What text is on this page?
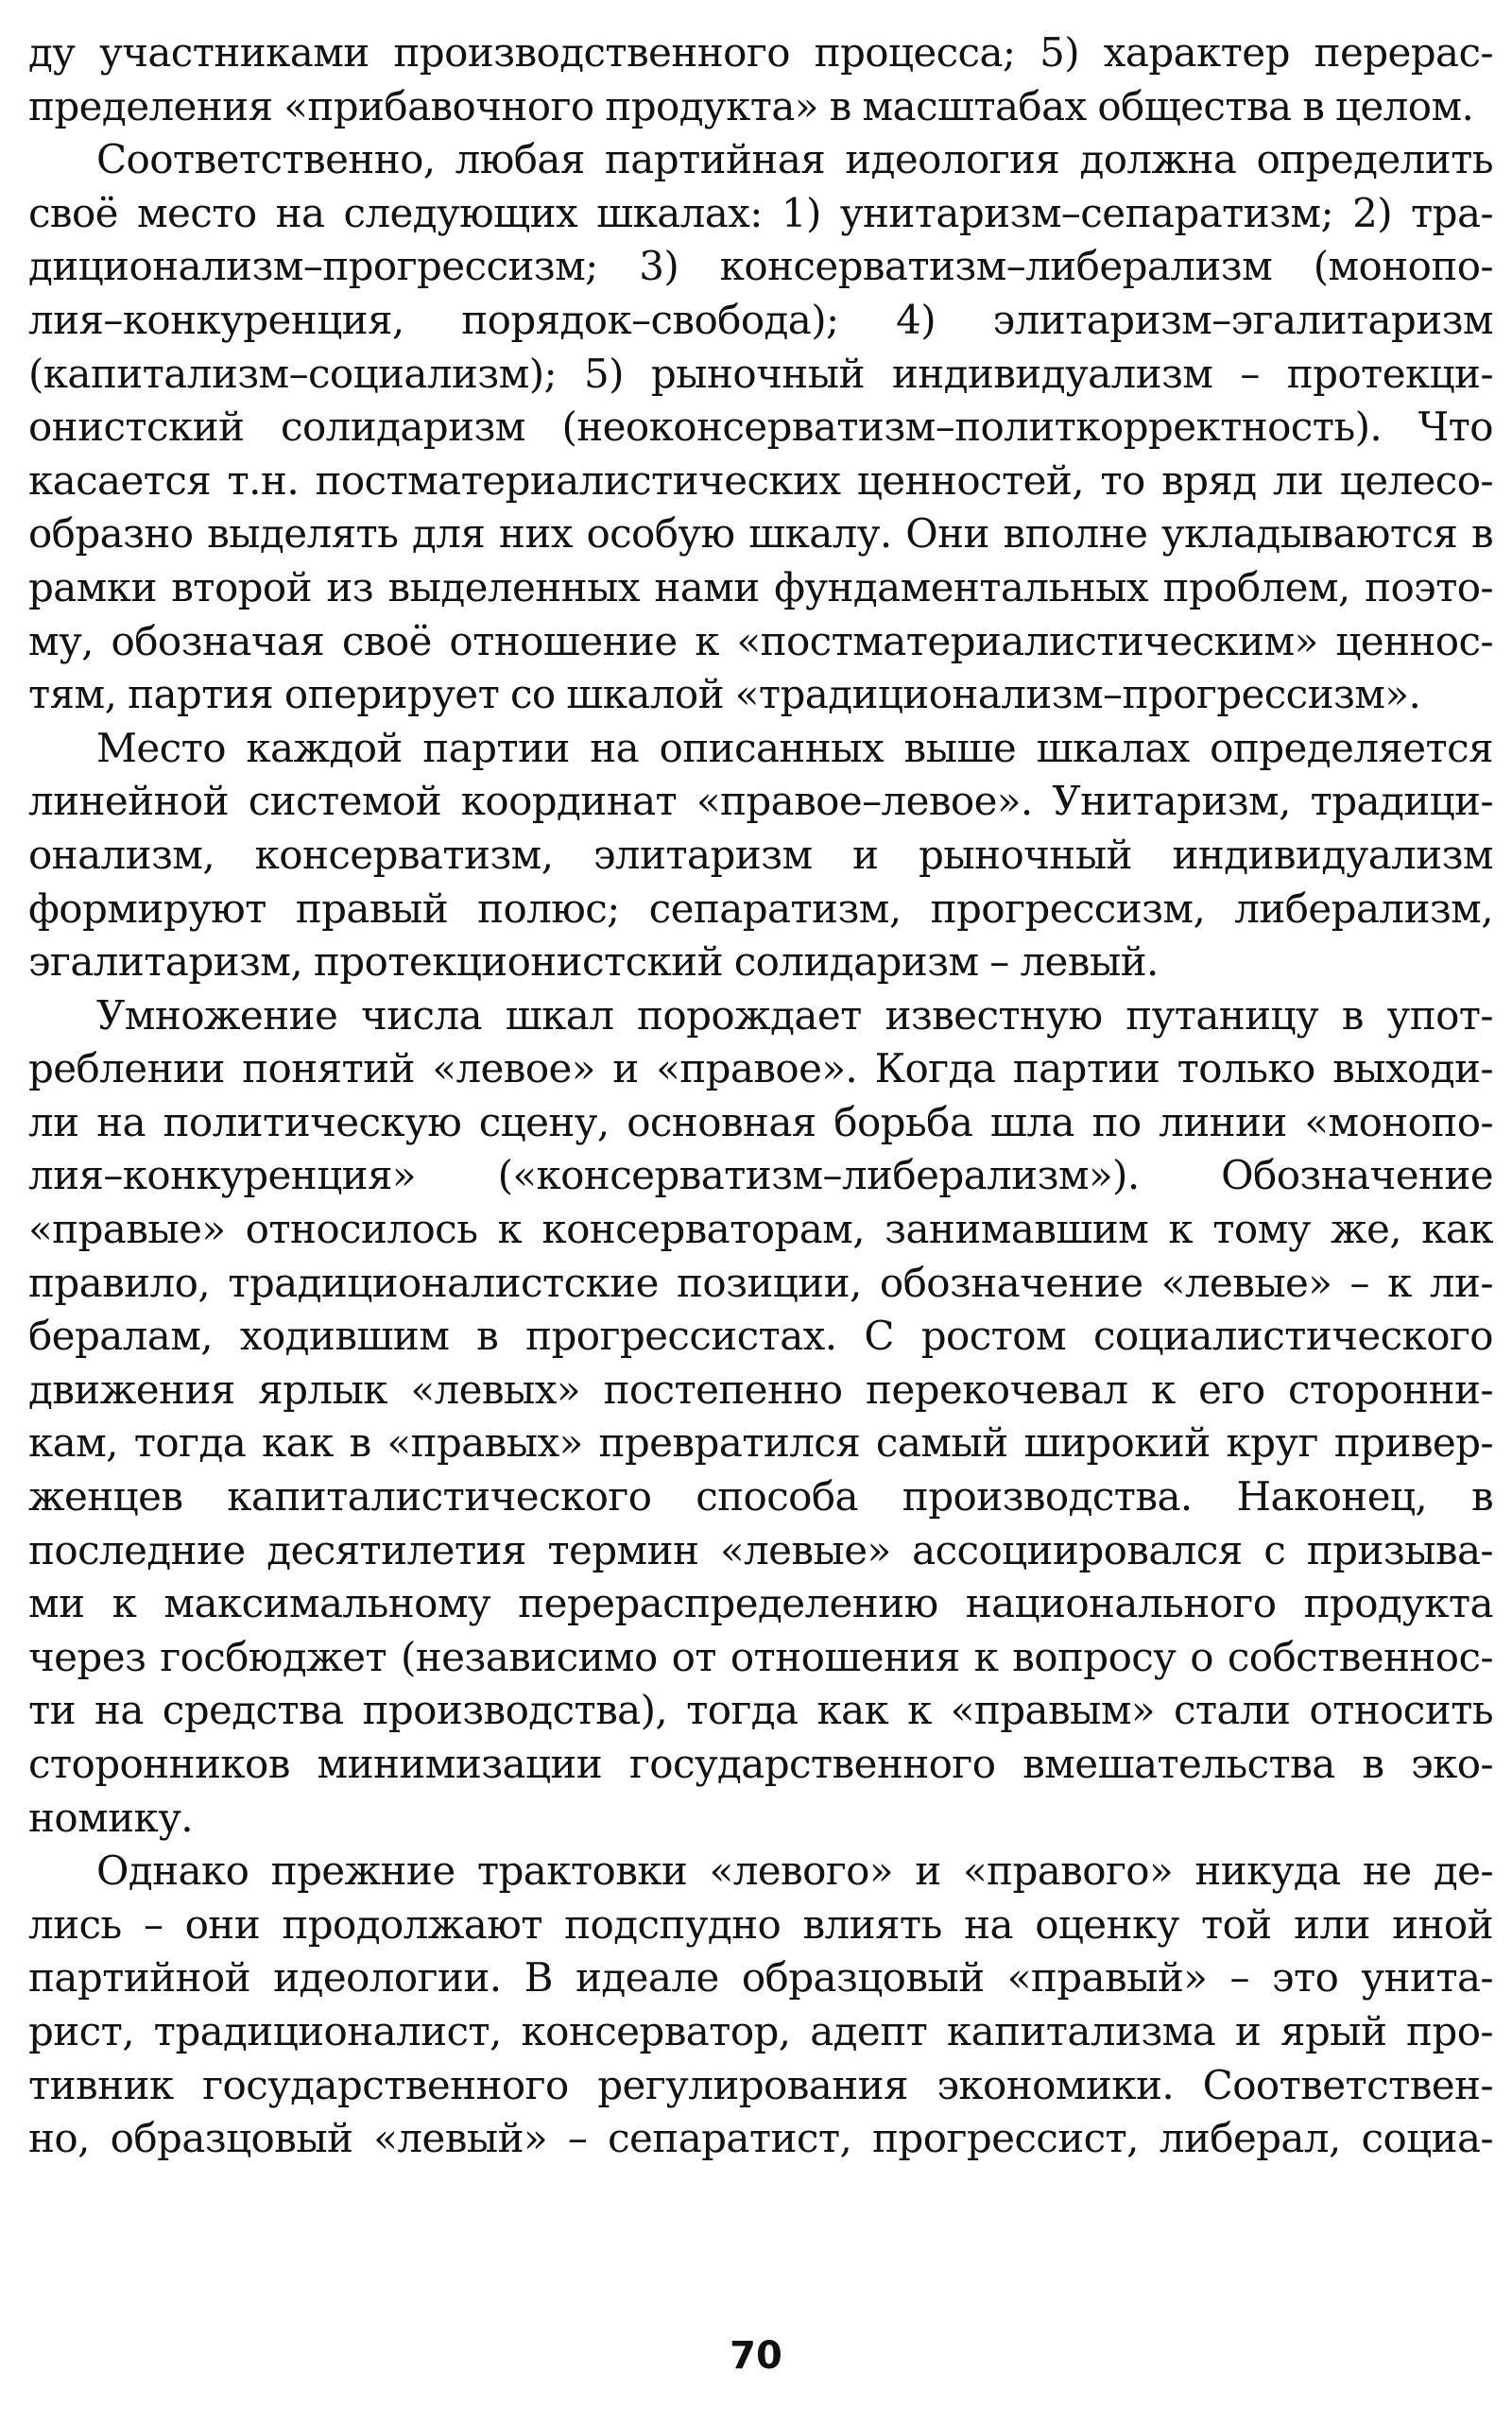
ду участниками производственного процесса; 5) характер перерас-
пределения «прибавочного продукта» в масштабах общества в целом.
Соответственно, любая партийная идеология должна определить
своё место на следующих шкалах: 1) унитаризм–сепаратизм; 2) тра-
диционализм–прогрессизм; 3) консерватизм–либерализм (монопо-
лия–конкуренция, порядок–свобода); 4) элитаризм–эгалитаризм
(капитализм–социализм); 5) рыночный индивидуализм – протекци-
онистский солидаризм (неоконсерватизм–политкорректность). Что
касается т.н. постматериалистических ценностей, то вряд ли целесо-
образно выделять для них особую шкалу. Они вполне укладываются в
рамки второй из выделенных нами фундаментальных проблем, поэто-
му, обозначая своё отношение к «постматериалистическим» ценнос-
тям, партия оперирует со шкалой «традиционализм–прогрессизм».
Место каждой партии на описанных выше шкалах определяется
линейной системой координат «правое–левое». Унитаризм, традици-
онализм, консерватизм, элитаризм и рыночный индивидуализм
формируют правый полюс; сепаратизм, прогрессизм, либерализм,
эгалитаризм, протекционистский солидаризм – левый.
Умножение числа шкал порождает известную путаницу в упот-
реблении понятий «левое» и «правое». Когда партии только выходи-
ли на политическую сцену, основная борьба шла по линии «монопо-
лия–конкуренция» («консерватизм–либерализм»). Обозначение
«правые» относилось к консерваторам, занимавшим к тому же, как
правило, традиционалистские позиции, обозначение «левые» – к ли-
бералам, ходившим в прогрессистах. С ростом социалистического
движения ярлык «левых» постепенно перекочевал к его сторонни-
кам, тогда как в «правых» превратился самый широкий круг привер-
женцев капиталистического способа производства. Наконец, в
последние десятилетия термин «левые» ассоциировался с призыва-
ми к максимальному перераспределению национального продукта
через госбюджет (независимо от отношения к вопросу о собственнос-
ти на средства производства), тогда как к «правым» стали относить
сторонников минимизации государственного вмешательства в эко-
номику.
Однако прежние трактовки «левого» и «правого» никуда не де-
лись – они продолжают подспудно влиять на оценку той или иной
партийной идеологии. В идеале образцовый «правый» – это унита-
рист, традиционалист, консерватор, адепт капитализма и ярый про-
тивник государственного регулирования экономики. Соответствен-
но, образцовый «левый» – сепаратист, прогрессист, либерал, социа-
70
